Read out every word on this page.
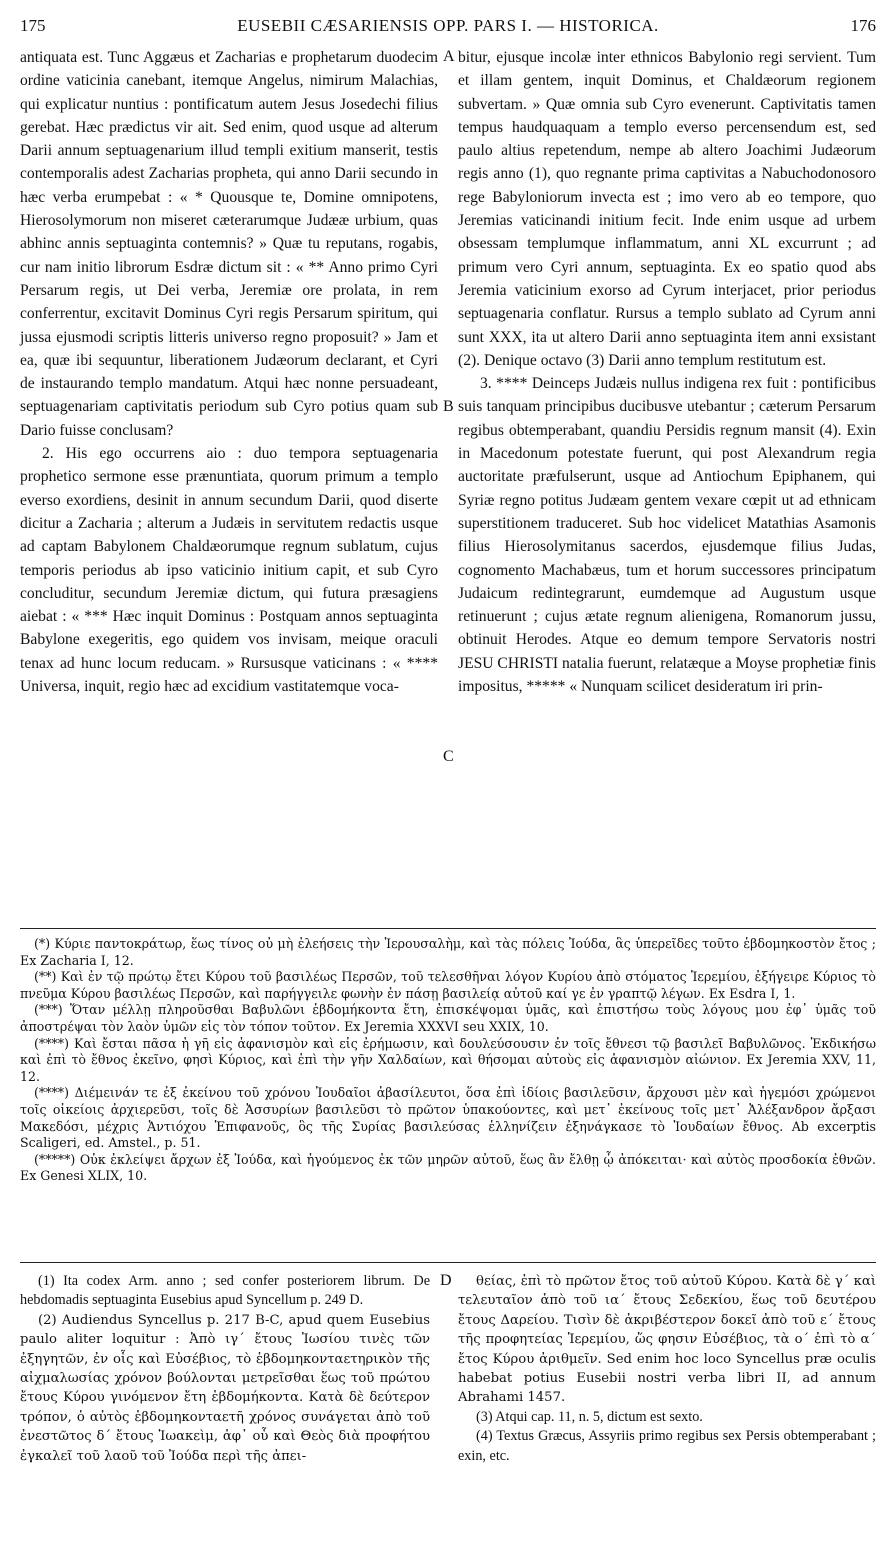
175	EUSEBII CÆSARIENSIS OPP. PARS I. — HISTORICA.	176

antiquata est. Tunc Aggæus et Zacharias e prophetarum duodecim ordine vaticinia canebant, itemque Angelus, nimirum Malachias, qui explicatur nuntius : pontificatum autem Jesus Josedechi filius gerebat. Hæc prædictus vir ait. Sed enim, quod usque ad alterum Darii annum septuagenarium illud templi exitium manserit, testis contemporalis adest Zacharias propheta, qui anno Darii secundo in hæc verba erumpebat : « * Quousque te, Domine omnipotens, Hierosolymorum non miseret cæterarumque Judææ urbium, quas abhinc annis septuaginta contemnis? » Quæ tu reputans, rogabis, cur nam initio librorum Esdræ dictum sit : « ** Anno primo Cyri Persarum regis, ut Dei verba, Jeremiæ ore prolata, in rem conferrentur, excitavit Dominus Cyri regis Persarum spiritum, qui jussa ejusmodi scriptis litteris universo regno proposuit? » Jam et ea, quæ ibi sequuntur, liberationem Judæorum declarant, et Cyri de instaurando templo mandatum. Atqui hæc nonne persuadeant, septuagenariam captivitatis periodum sub Cyro potius quam sub Dario fuisse conclusam?

2. His ego occurrens aio : duo tempora septuagenaria prophetico sermone esse prænuntiata, quorum primum a templo everso exordiens, desinit in annum secundum Darii, quod diserte dicitur a Zacharia ; alterum a Judæis in servitutem redactis usque ad captam Babylonem Chaldæorumque regnum sublatum, cujus temporis periodus ab ipso vaticinio initium capit, et sub Cyro concluditur, secundum Jeremiæ dictum, qui futura præsagiens aiebat : « *** Hæc inquit Dominus : Postquam annos septuaginta Babylone exegeritis, ego quidem vos invisam, meique oraculi tenax ad hunc locum reducam. » Rursusque vaticinans : « **** Universa, inquit, regio hæc ad excidium vastitatemque voca-

A
B
C

bitur, ejusque incolæ inter ethnicos Babylonio regi servient. Tum et illam gentem, inquit Dominus, et Chaldæorum regionem subvertam. » Quæ omnia sub Cyro evenerunt. Captivitatis tamen tempus haudquaquam a templo everso percensendum est, sed paulo altius repetendum, nempe ab altero Joachimi Judæorum regis anno (1), quo regnante prima captivitas a Nabuchodonosoro rege Babyloniorum invecta est ; imo vero ab eo tempore, quo Jeremias vaticinandi initium fecit. Inde enim usque ad urbem obsessam templumque inflammatum, anni XL excurrunt ; ad primum vero Cyri annum, septuaginta. Ex eo spatio quod abs Jeremia vaticinium exorso ad Cyrum interjacet, prior periodus septuagenaria conflatur. Rursus a templo sublato ad Cyrum anni sunt XXX, ita ut altero Darii anno septuaginta item anni exsistant (2). Denique octavo (3) Darii anno templum restitutum est.

3. **** Deinceps Judæis nullus indigena rex fuit : pontificibus suis tanquam principibus ducibusve utebantur ; cæterum Persarum regibus obtemperabant, quandiu Persidis regnum mansit (4). Exin in Macedonum potestate fuerunt, qui post Alexandrum regia auctoritate præfulserunt, usque ad Antiochum Epiphanem, qui Syriæ regno potitus Judæam gentem vexare cœpit ut ad ethnicam superstitionem traduceret. Sub hoc videlicet Matathias Asamonis filius Hierosolymitanus sacerdos, ejusdemque filius Judas, cognomento Machabæus, tum et horum successores principatum Judaicum redintegrarunt, eumdemque ad Augustum usque retinuerunt ; cujus ætate regnum alienigena, Romanorum jussu, obtinuit Herodes. Atque eo demum tempore Servatoris nostri JESU CHRISTI natalia fuerunt, relatæque a Moyse prophetiæ finis impositus, ***** « Nunquam scilicet desideratum iri prin-

(*) Κύριε παντοκράτωρ, ἕως τίνος οὐ μὴ ἐλεήσεις τὴν Ἱερουσαλὴμ, καὶ τὰς πόλεις Ἰούδα, ἃς ὑπερεῖδες τοῦτο ἑβδομηκοστὸν ἔτος ; Ex Zacharia I, 12.

(**) Καὶ ἐν τῷ πρώτῳ ἔτει Κύρου τοῦ βασιλέως Περσῶν, τοῦ τελεσθῆναι λόγον Κυρίου ἀπὸ στόματος Ἱερεμίου, ἐξήγειρε Κύριος τὸ πνεῦμα Κύρου βασιλέως Περσῶν, καὶ παρήγγειλε φωνὴν ἐν πάσῃ βασιλείᾳ αὐτοῦ καί γε ἐν γραπτῷ λέγων. Ex Esdra I, 1.

(***) Ὅταν μέλλῃ πληροῦσθαι Βαβυλῶνι ἑβδομήκοντα ἔτη, ἐπισκέψομαι ὑμᾶς, καὶ ἐπιστήσω τοὺς λόγους μου ἐφ᾽ ὑμᾶς τοῦ ἀποστρέψαι τὸν λαὸν ὑμῶν εἰς τὸν τόπον τοῦτον. Ex Jeremia XXXVI seu XXIX, 10.

(****) Καὶ ἔσται πᾶσα ἡ γῆ εἰς ἀφανισμὸν καὶ εἰς ἐρήμωσιν, καὶ δουλεύσουσιν ἐν τοῖς ἔθνεσι τῷ βασιλεῖ Βαβυλῶνος. Ἐκδικήσω καὶ ἐπὶ τὸ ἔθνος ἐκεῖνο, φησὶ Κύριος, καὶ ἐπὶ τὴν γῆν Χαλδαίων, καὶ θήσομαι αὐτοὺς εἰς ἀφανισμὸν αἰώνιον. Ex Jeremia XXV, 11, 12.

(****) Διέμεινάν τε ἐξ ἐκείνου τοῦ χρόνου Ἰουδαῖοι ἀβασίλευτοι, ὅσα ἐπὶ ἰδίοις βασιλεῦσιν, ἄρχουσι μὲν καὶ ἡγεμόσι χρώμενοι τοῖς οἰκείοις ἀρχιερεῦσι, τοῖς δὲ Ἀσσυρίων βασιλεῦσι τὸ πρῶτον ὑπακούοντες, καὶ μετ᾽ ἐκείνους τοῖς μετ᾽ Ἀλέξανδρον ἄρξασι Μακεδόσι, μέχρις Ἀντιόχου Ἐπιφανοῦς, ὃς τῆς Συρίας βασιλεύσας ἑλληνίζειν ἐξηνάγκασε τὸ Ἰουδαίων ἔθνος. Ab excerptis Scaligeri, ed. Amstel., p. 51.

(*****) Οὐκ ἐκλείψει ἄρχων ἐξ Ἰούδα, καὶ ἡγούμενος ἐκ τῶν μηρῶν αὐτοῦ, ἕως ἂν ἔλθῃ ᾧ ἀπόκειται· καὶ αὐτὸς προσδοκία ἐθνῶν. Ex Genesi XLIX, 10.

(1) Ita codex Arm. anno ; sed confer posteriorem librum. De hebdomadis septuaginta Eusebius apud Syncellum p. 249 D.

(2) Audiendus Syncellus p. 217 B-C, apud quem Eusebius paulo aliter loquitur : Ἀπὸ ιγ´ ἔτους Ἰωσίου τινὲς τῶν ἐξηγητῶν, ἐν οἷς καὶ Εὐσέβιος, τὸ ἑβδομηκονταετηρικὸν τῆς αἰχμαλωσίας χρόνον βούλονται μετρεῖσθαι ἕως τοῦ πρώτου ἔτους Κύρου γινόμενον ἔτη ἑβδομήκοντα. Κατὰ δὲ δεύτερον τρόπον, ὁ αὐτὸς ἑβδομηκονταετῆ χρόνος συνάγεται ἀπὸ τοῦ ἐνεστῶτος δ´ ἔτους Ἰωακεὶμ, ἀφ᾽ οὗ καὶ Θεὸς διὰ προφήτου ἐγκαλεῖ τοῦ λαοῦ τοῦ Ἰούδα περὶ τῆς ἀπει-

D	θείας, ἐπὶ τὸ πρῶτον ἔτος τοῦ αὐτοῦ Κύρου. Κατὰ δὲ γ´ καὶ τελευταῖον ἀπὸ τοῦ ια´ ἔτους Σεδεκίου, ἕως τοῦ δευτέρου ἔτους Δαρείου. Τισὶν δὲ ἀκριβέστερον δοκεῖ ἀπὸ τοῦ ε´ ἔτους τῆς προφητείας Ἱερεμίου, ὥς φησιν Εὐσέβιος, τὰ ο´ ἐπὶ τὸ α´ ἔτος Κύρου ἀριθμεῖν. Sed enim hoc loco Syncellus præ oculis habebat potius Eusebii nostri verba libri II, ad annum Abrahami 1457.

(3) Atqui cap. 11, n. 5, dictum est sexto.

(4) Textus Græcus, Assyriis primo regibus sex Persis obtemperabant ; exin, etc.
